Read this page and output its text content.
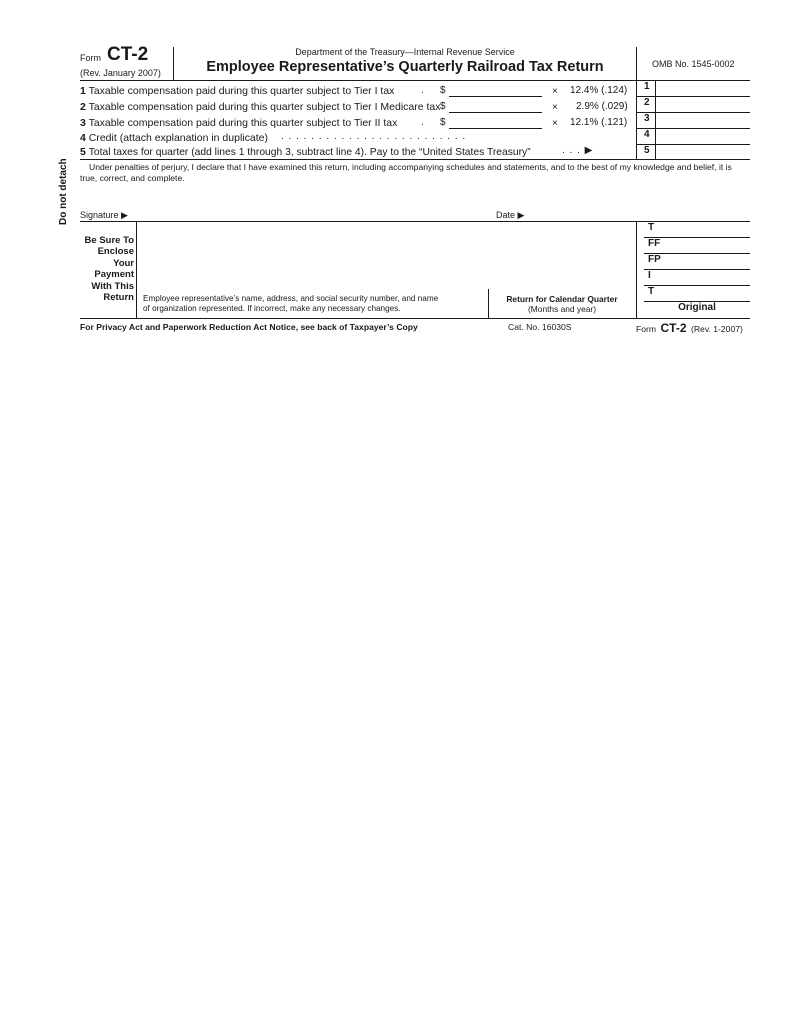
Form CT-2
(Rev. January 2007)
Department of the Treasury—Internal Revenue Service
Employee Representative’s Quarterly Railroad Tax Return	OMB No. 1545-0002
Do not detach
1 Taxable compensation paid during this quarter subject to Tier I tax	. $	× 12.4% (.124)	1
2 Taxable compensation paid during this quarter subject to Tier I Medicare tax $	× 2.9% (.029)	2
3 Taxable compensation paid during this quarter subject to Tier II tax . $	× 12.1% (.121)	3
4 Credit (attach explanation in duplicate) . . . . . . . . . . . . . . . . . . . . . . . . .	4
5 Total taxes for quarter (add lines 1 through 3, subtract line 4). Pay to the “United States Treasury”	. . . ▶	5
Under penalties of perjury, I declare that I have examined this return, including accompanying schedules and statements, and to the best of my knowledge and belief, it is true, correct, and complete.
Signature ▶	Date ▶
Be Sure To
Enclose
Your
Payment
With This
Return Employee representative’s name, address, and social security number, and name
of organization represented. If incorrect, make any necessary changes.
Return for Calendar Quarter
(Months and year)
T
FF
FP
I
T
Original
For Privacy Act and Paperwork Reduction Act Notice, see back of Taxpayer’s Copy	Cat. No. 16030S	Form CT-2 (Rev. 1-2007)
